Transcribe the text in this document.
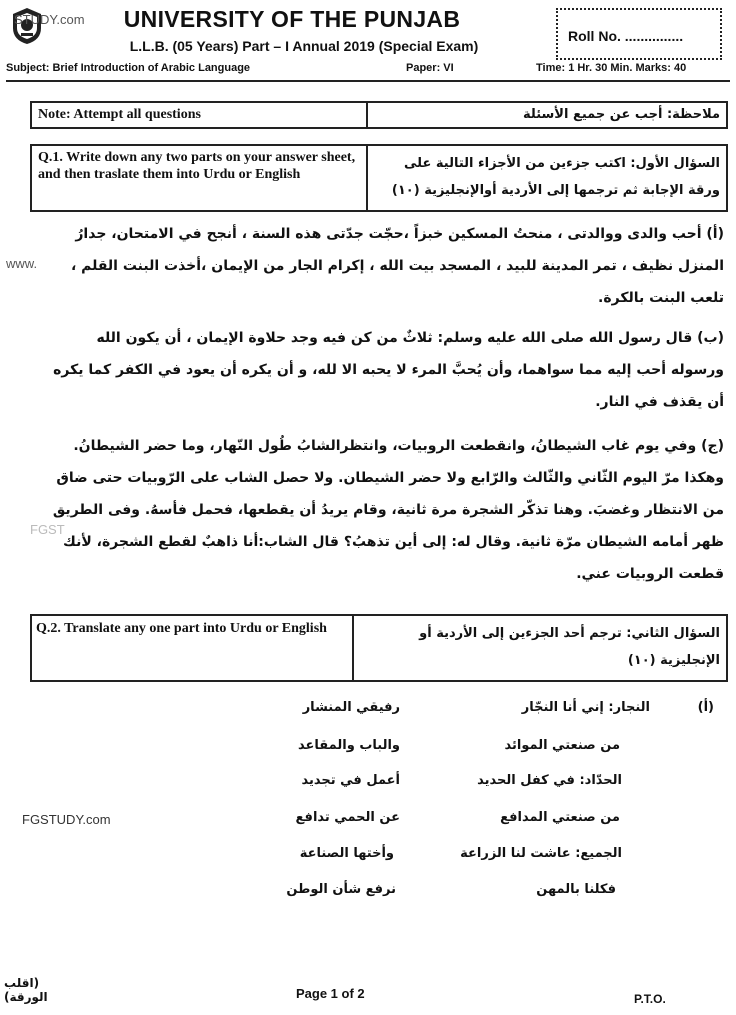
STUDY.com
www.
FGSTUDY.com
FGST
UNIVERSITY OF THE PUNJAB
L.L.B. (05 Years) Part – I Annual 2019 (Special Exam)
Roll No. ...............
Subject: Brief Introduction of Arabic Language	Paper: VI	Time: 1 Hr. 30 Min. Marks: 40
Note: Attempt all questions	ملاحظة: أجب عن جميع الأسئلة
Q.1. Write down any two parts on your answer sheet, and then traslate them into Urdu or English
السؤال الأول: اكتب جزءين من الأجزاء التالية على ورقة الإجابة ثم ترجمها إلى الأردية أوالإنجليزية (١٠)
(أ) أحب والدى ووالدتى ، منحتُ المسكين خبزاً ،حجّت جدّتى هذه السنة ، أنجح في الامتحان، جدارُ المنزل نظيف ، تمر المدينة للبيد ، المسجد بيت الله ، إكرام الجار من الإيمان ،أخذت البنت القلم ، تلعب البنت بالكرة.
(ب) قال رسول الله صلى الله عليه وسلم: ثلاثٌ من كن فيه وجد حلاوة الإيمان ، أن يكون الله ورسوله أحب إليه مما سواهما، وأن يُحبَّ المرء لا يحبه الا لله، و أن يكره أن يعود في الكفر كما يكره أن يقذف في النار.
(ج) وفي يوم غاب الشيطانُ، وانقطعت الروبيات، وانتظرالشابُ طُول النّهار، وما حضر الشيطانُ. وهكذا مرّ اليوم الثّاني والثّالث والرّابع ولا حضر الشيطان. ولا حصل الشاب على الرّوبيات حتى ضاق من الانتظار وغضبَ. وهنا تذكّر الشجرة مرة ثانية، وقام يريدُ أن يقطعها، فحمل فأسهُ. وفى الطريق ظهر أمامه الشيطان مرّة ثانية. وقال له: إلى أين تذهبُ؟ قال الشاب:أنا ذاهبٌ لقطع الشجرة، لأنك قطعت الروبيات عني.
Q.2. Translate any one part into Urdu or English	السؤال الثاني: ترجم أحد الجزءين إلى الأردية أو الإنجليزية (١٠)
(أ)
النجار: إني أنا النجّار
رفيقي المنشار
من صنعتي الموائد
والباب والمقاعد
الحدّاد: في كفل الحديد
أعمل في تجديد
من صنعتي المدافع
عن الحمي تدافع
الجميع: عاشت لنا الزراعة
وأختها الصناعة
فكلنا بالمهن
نرفع شأن الوطن
(اقلب الورقة)	Page 1 of 2	P.T.O.
